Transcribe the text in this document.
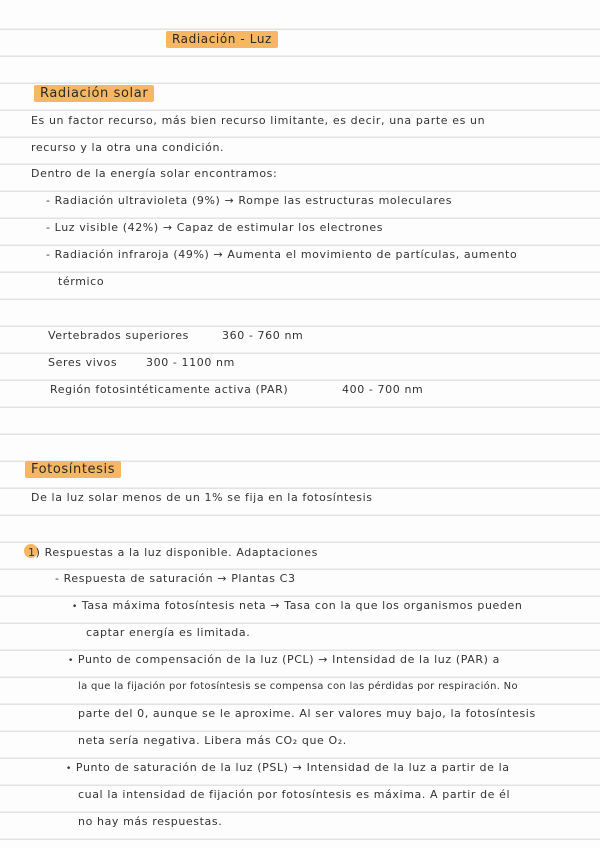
Radiación - Luz
Radiación solar
Es un factor recurso, más bien recurso limitante, es decir, una parte es un
recurso y la otra una condición.
Dentro de la energía solar encontramos:
- Radiación ultravioleta (9%) → Rompe las estructuras moleculares
- Luz visible (42%) → Capaz de estimular los electrones
- Radiación infraroja (49%) → Aumenta el movimiento de partículas, aumento
térmico
Vertebrados superiores	360 - 760 nm
Seres vivos	300 - 1100 nm
Región fotosintéticamente activa (PAR)	400 - 700 nm
Fotosíntesis
De la luz solar menos de un 1% se fija en la fotosíntesis
1) Respuestas a la luz disponible. Adaptaciones
- Respuesta de saturación → Plantas C3
• Tasa máxima fotosíntesis neta → Tasa con la que los organismos pueden
captar energía es limitada.
• Punto de compensación de la luz (PCL) → Intensidad de la luz (PAR) a
la que la fijación por fotosíntesis se compensa con las pérdidas por respiración. No
parte del 0, aunque se le aproxime. Al ser valores muy bajo, la fotosíntesis
neta sería negativa. Libera más CO₂ que O₂.
• Punto de saturación de la luz (PSL) → Intensidad de la luz a partir de la
cual la intensidad de fijación por fotosíntesis es máxima. A partir de él
no hay más respuestas.
